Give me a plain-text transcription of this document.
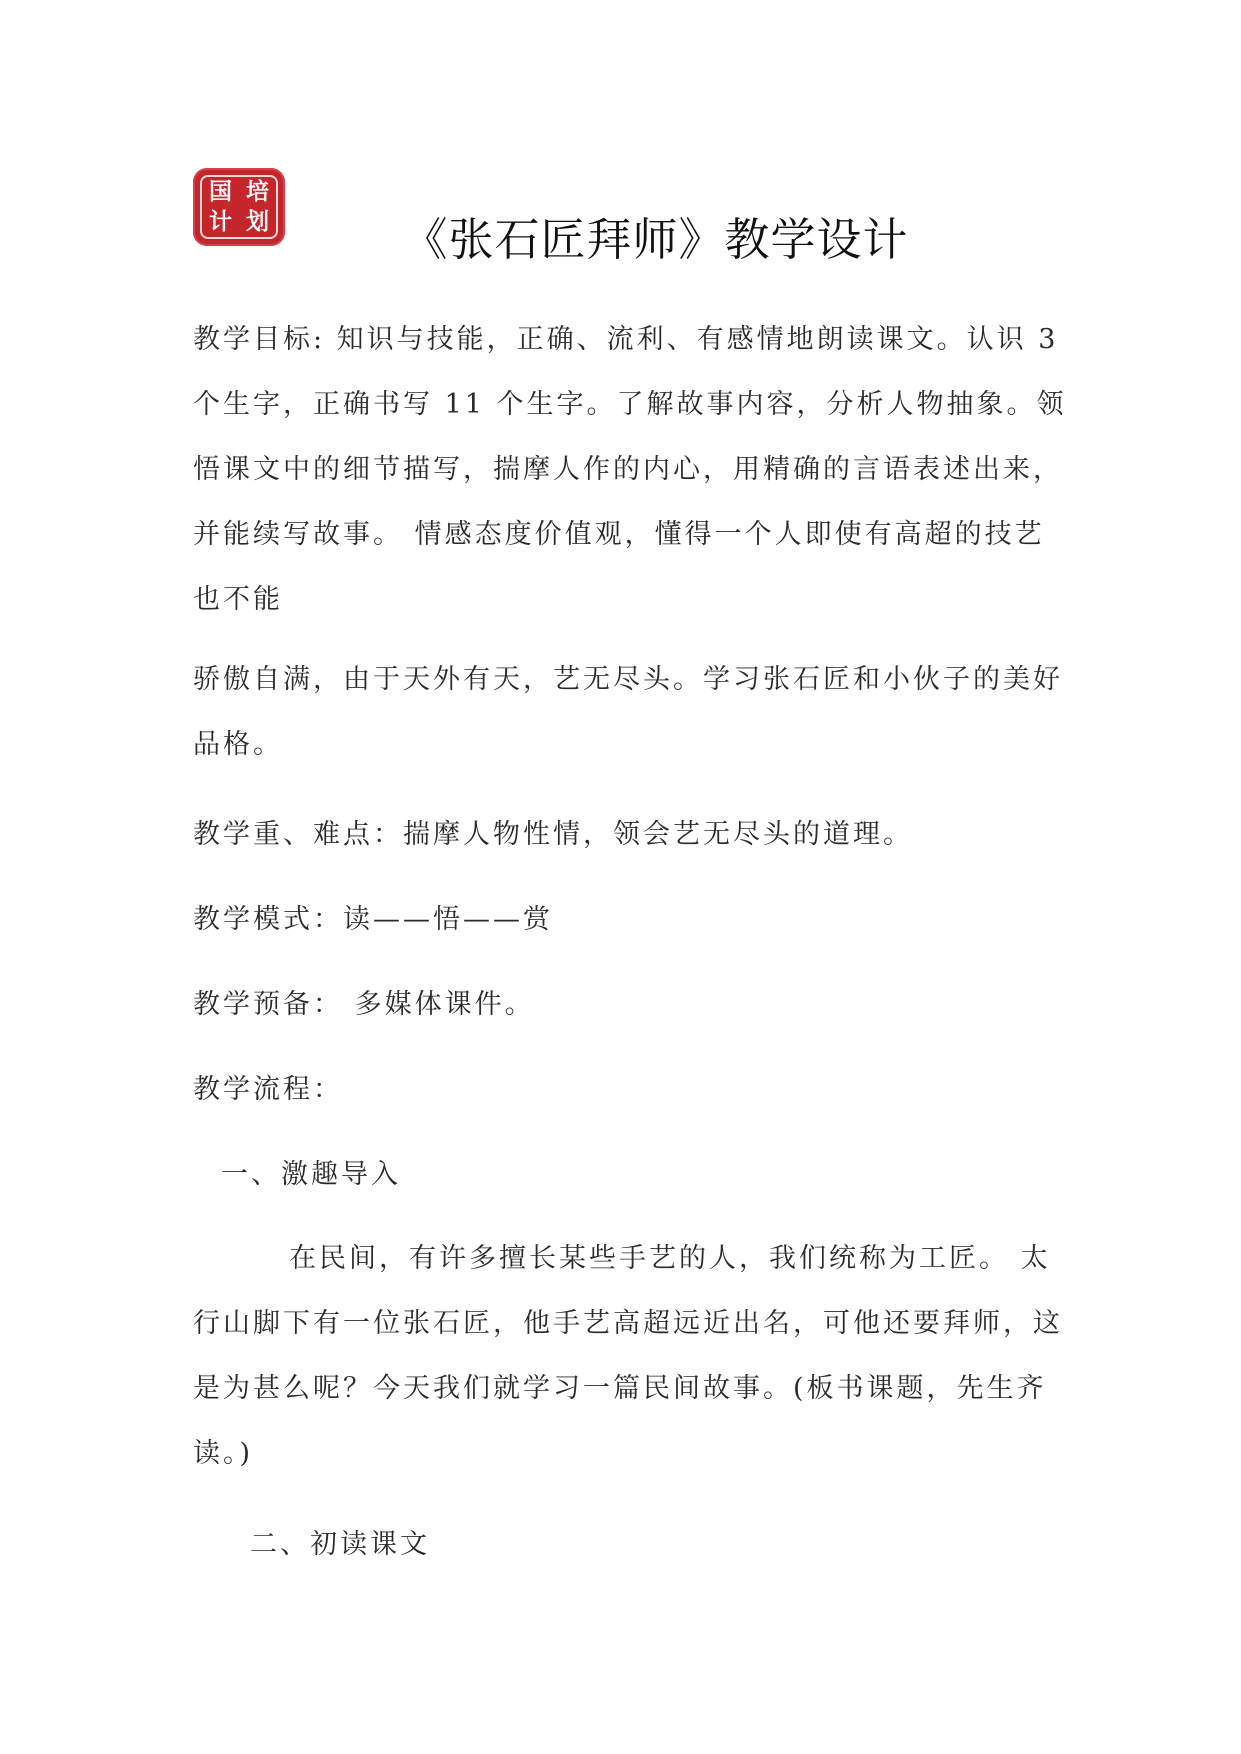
国 培
计 划	《张石匠拜师》教学设计

教学目标: 知识与技能，正确、流利、有感情地朗读课文。认识 3 个生字，正确书写 11 个生字。了解故事内容，分析人物抽象。领悟课文中的细节描写，揣摩人作的内心，用精确的言语表述出来，并能续写故事。 情感态度价值观，懂得一个人即使有高超的技艺也不能

骄傲自满，由于天外有天，艺无尽头。学习张石匠和小伙子的美好品格。

教学重、难点：揣摩人物性情，领会艺无尽头的道理。

教学模式：读——悟——赏

教学预备： 多媒体课件。

教学流程：

一、激趣导入

在民间，有许多擅长某些手艺的人，我们统称为工匠。 太行山脚下有一位张石匠，他手艺高超远近出名，可他还要拜师，这是为甚么呢？今天我们就学习一篇民间故事。(板书课题，先生齐读。)

二、初读课文
